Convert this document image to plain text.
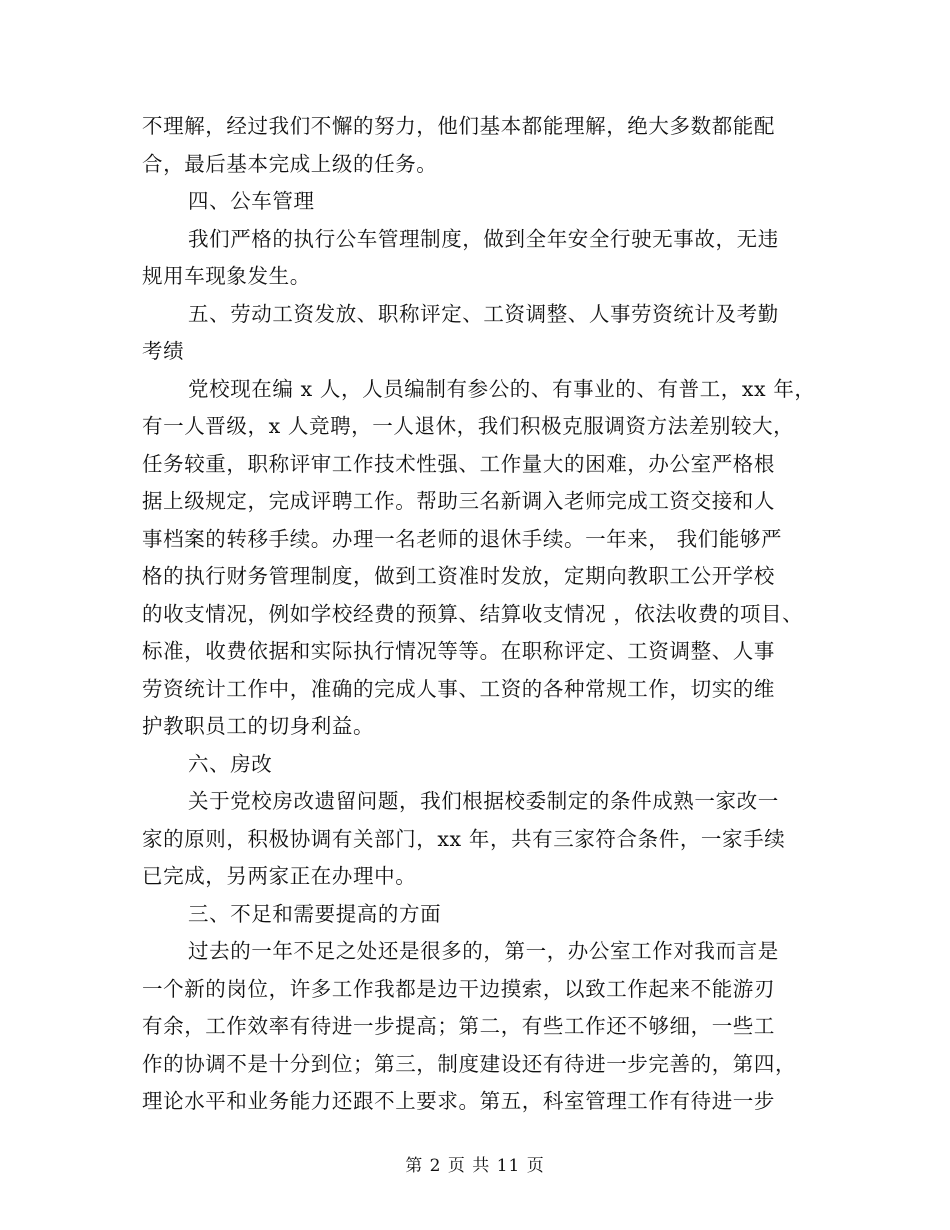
不理解，经过我们不懈的努力，他们基本都能理解，绝大多数都能配
合，最后基本完成上级的任务。
四、公车管理
我们严格的执行公车管理制度，做到全年安全行驶无事故，无违
规用车现象发生。
五、劳动工资发放、职称评定、工资调整、人事劳资统计及考勤
考绩
党校现在编 x 人，人员编制有参公的、有事业的、有普工，xx 年，
有一人晋级，x 人竞聘，一人退休，我们积极克服调资方法差别较大，
任务较重，职称评审工作技术性强、工作量大的困难，办公室严格根
据上级规定，完成评聘工作。帮助三名新调入老师完成工资交接和人
事档案的转移手续。办理一名老师的退休手续。一年来， 我们能够严
格的执行财务管理制度，做到工资准时发放，定期向教职工公开学校
的收支情况，例如学校经费的预算、结算收支情况 ，依法收费的项目、
标准，收费依据和实际执行情况等等。在职称评定、工资调整、人事
劳资统计工作中，准确的完成人事、工资的各种常规工作，切实的维
护教职员工的切身利益。
六、房改
关于党校房改遗留问题，我们根据校委制定的条件成熟一家改一
家的原则，积极协调有关部门，xx 年，共有三家符合条件，一家手续
已完成，另两家正在办理中。
三、不足和需要提高的方面
过去的一年不足之处还是很多的，第一，办公室工作对我而言是
一个新的岗位，许多工作我都是边干边摸索，以致工作起来不能游刃
有余，工作效率有待进一步提高；第二，有些工作还不够细，一些工
作的协调不是十分到位；第三，制度建设还有待进一步完善的，第四，
理论水平和业务能力还跟不上要求。第五，科室管理工作有待进一步
第 2 页 共 11 页
